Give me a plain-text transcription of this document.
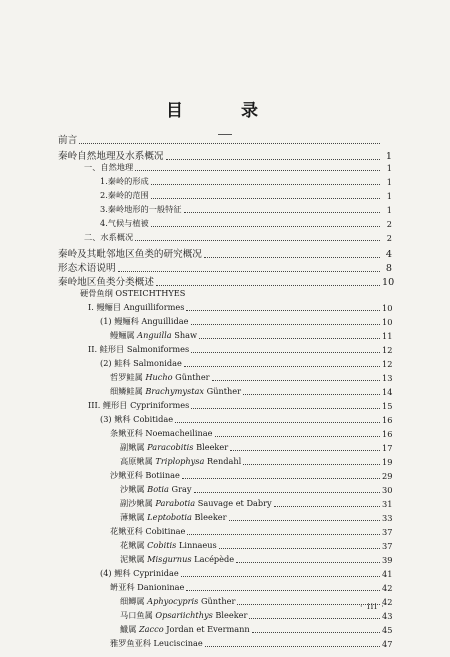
目 录
前言
秦岭自然地理及水系概况	1
一、自然地理	1
1.秦岭的形成	1
2.秦岭的范围	1
3.秦岭地形的一般特征	1
4.气候与植被	2
二、水系概况	2
秦岭及其毗邻地区鱼类的研究概况	4
形态术语说明	8
秦岭地区鱼类分类概述	10
硬骨鱼纲 OSTEICHTHYES
I. 鳗鲡目 Anguilliformes	10
(1) 鳗鲡科 Anguillidae	10
鳗鲡属 Anguilla Shaw	11
II. 鲑形目 Salmoniformes	12
(2) 鲑科 Salmonidae	12
哲罗鲑属 Hucho Günther	13
细鳞鲑属 Brachymystax Günther	14
III. 鲤形目 Cypriniformes	15
(3) 鳅科 Cobitidae	16
条鳅亚科 Noemacheilinae	16
副鳅属 Paracobitis Bleeker	17
高原鳅属 Triplophysa Rendahl	19
沙鳅亚科 Botiinae	29
沙鳅属 Botia Gray	30
副沙鳅属 Parabotia Sauvage et Dabry	31
薄鳅属 Leptobotia Bleeker	33
花鳅亚科 Cobitinae	37
花鳅属 Cobitis Linnaeus	37
泥鳅属 Misgurnus Lacépède	39
(4) 鲤科 Cyprinidae	41
鿕亚科 Danioninae	42
细鲫属 Aphyocypris Günther	42
马口鱼属 Opsariichthys Bleeker	43
鱲属 Zacco Jordan et Evermann	45
雅罗鱼亚科 Leuciscinae	47
· iii ·
